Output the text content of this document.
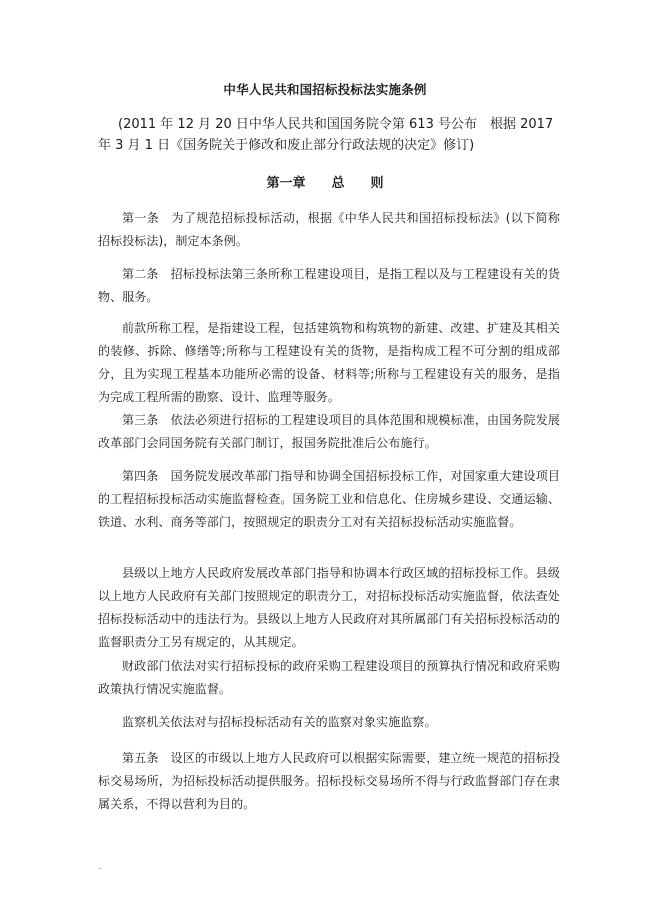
中华人民共和国招标投标法实施条例
(2011 年 12 月 20 日中华人民共和国国务院令第 613 号公布　根据 2017 年 3 月 1 日《国务院关于修改和废止部分行政法规的决定》修订)
第一章　　总　　则
第一条　为了规范招标投标活动，根据《中华人民共和国招标投标法》(以下简称招标投标法)，制定本条例。
第二条　招标投标法第三条所称工程建设项目，是指工程以及与工程建设有关的货物、服务。
前款所称工程，是指建设工程，包括建筑物和构筑物的新建、改建、扩建及其相关的装修、拆除、修缮等;所称与工程建设有关的货物，是指构成工程不可分割的组成部分，且为实现工程基本功能所必需的设备、材料等;所称与工程建设有关的服务，是指为完成工程所需的勘察、设计、监理等服务。
第三条　依法必须进行招标的工程建设项目的具体范围和规模标准，由国务院发展改革部门会同国务院有关部门制订，报国务院批准后公布施行。
第四条　国务院发展改革部门指导和协调全国招标投标工作，对国家重大建设项目的工程招标投标活动实施监督检查。国务院工业和信息化、住房城乡建设、交通运输、铁道、水利、商务等部门，按照规定的职责分工对有关招标投标活动实施监督。
县级以上地方人民政府发展改革部门指导和协调本行政区域的招标投标工作。县级以上地方人民政府有关部门按照规定的职责分工，对招标投标活动实施监督，依法查处招标投标活动中的违法行为。县级以上地方人民政府对其所属部门有关招标投标活动的监督职责分工另有规定的，从其规定。
财政部门依法对实行招标投标的政府采购工程建设项目的预算执行情况和政府采购政策执行情况实施监督。
监察机关依法对与招标投标活动有关的监察对象实施监察。
第五条　设区的市级以上地方人民政府可以根据实际需要，建立统一规范的招标投标交易场所，为招标投标活动提供服务。招标投标交易场所不得与行政监督部门存在隶属关系，不得以营利为目的。
